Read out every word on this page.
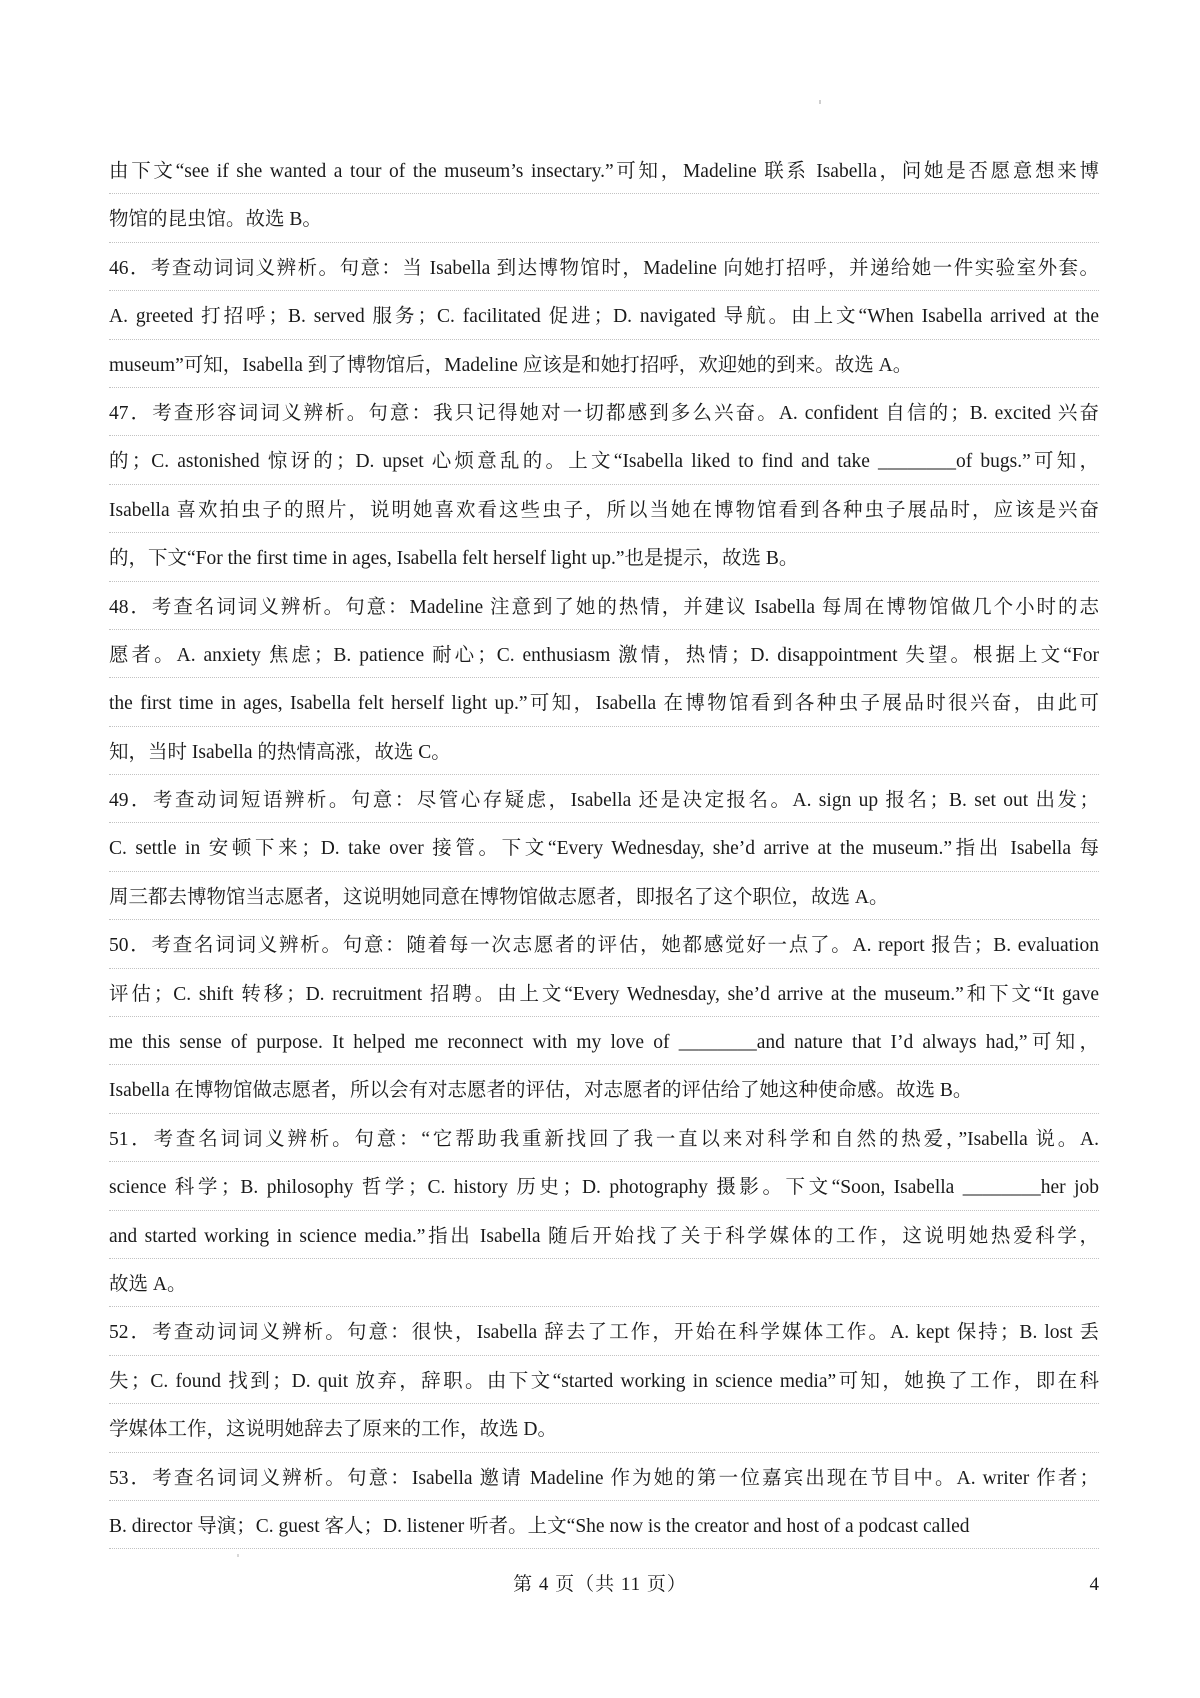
由下文“see if she wanted a tour of the museum’s insectary.”可知，Madeline 联系 Isabella，问她是否愿意想来博
物馆的昆虫馆。故选 B。
46．考查动词词义辨析。句意：当 Isabella 到达博物馆时，Madeline 向她打招呼，并递给她一件实验室外套。
A. greeted 打招呼；B. served 服务；C. facilitated 促进；D. navigated 导航。由上文“When Isabella arrived at the
museum”可知，Isabella 到了博物馆后，Madeline 应该是和她打招呼，欢迎她的到来。故选 A。
47．考查形容词词义辨析。句意：我只记得她对一切都感到多么兴奋。A. confident 自信的；B. excited 兴奋
的；C. astonished 惊讶的；D. upset 心烦意乱的。上文“Isabella liked to find and take ________of bugs.”可知，
Isabella 喜欢拍虫子的照片，说明她喜欢看这些虫子，所以当她在博物馆看到各种虫子展品时，应该是兴奋
的，下文“For the first time in ages, Isabella felt herself light up.”也是提示，故选 B。
48．考查名词词义辨析。句意：Madeline 注意到了她的热情，并建议 Isabella 每周在博物馆做几个小时的志
愿者。A. anxiety 焦虑；B. patience 耐心；C. enthusiasm 激情，热情；D. disappointment 失望。根据上文“For
the first time in ages, Isabella felt herself light up.”可知，Isabella 在博物馆看到各种虫子展品时很兴奋，由此可
知，当时 Isabella 的热情高涨，故选 C。
49．考查动词短语辨析。句意：尽管心存疑虑，Isabella 还是决定报名。A. sign up 报名；B. set out 出发；
C. settle in 安顿下来；D. take over 接管。下文“Every Wednesday, she’d arrive at the museum.”指出 Isabella 每
周三都去博物馆当志愿者，这说明她同意在博物馆做志愿者，即报名了这个职位，故选 A。
50．考查名词词义辨析。句意：随着每一次志愿者的评估，她都感觉好一点了。A. report 报告；B. evaluation
评估；C. shift 转移；D. recruitment 招聘。由上文“Every Wednesday, she’d arrive at the museum.”和下文“It gave
me this sense of purpose. It helped me reconnect with my love of ________and nature that I’d always had,”可知，
Isabella 在博物馆做志愿者，所以会有对志愿者的评估，对志愿者的评估给了她这种使命感。故选 B。
51．考查名词词义辨析。句意：“它帮助我重新找回了我一直以来对科学和自然的热爱，”Isabella 说。A.
science 科学；B. philosophy 哲学；C. history 历史；D. photography 摄影。下文“Soon, Isabella ________her job
and started working in science media.”指出 Isabella 随后开始找了关于科学媒体的工作，这说明她热爱科学，
故选 A。
52．考查动词词义辨析。句意：很快，Isabella 辞去了工作，开始在科学媒体工作。A. kept 保持；B. lost 丢
失；C. found 找到；D. quit 放弃，辞职。由下文“started working in science media”可知，她换了工作，即在科
学媒体工作，这说明她辞去了原来的工作，故选 D。
53．考查名词词义辨析。句意：Isabella 邀请 Madeline 作为她的第一位嘉宾出现在节目中。A. writer 作者；
B. director 导演；C. guest 客人；D. listener 听者。上文“She now is the creator and host of a podcast called
第 4 页（共 11 页）	4
